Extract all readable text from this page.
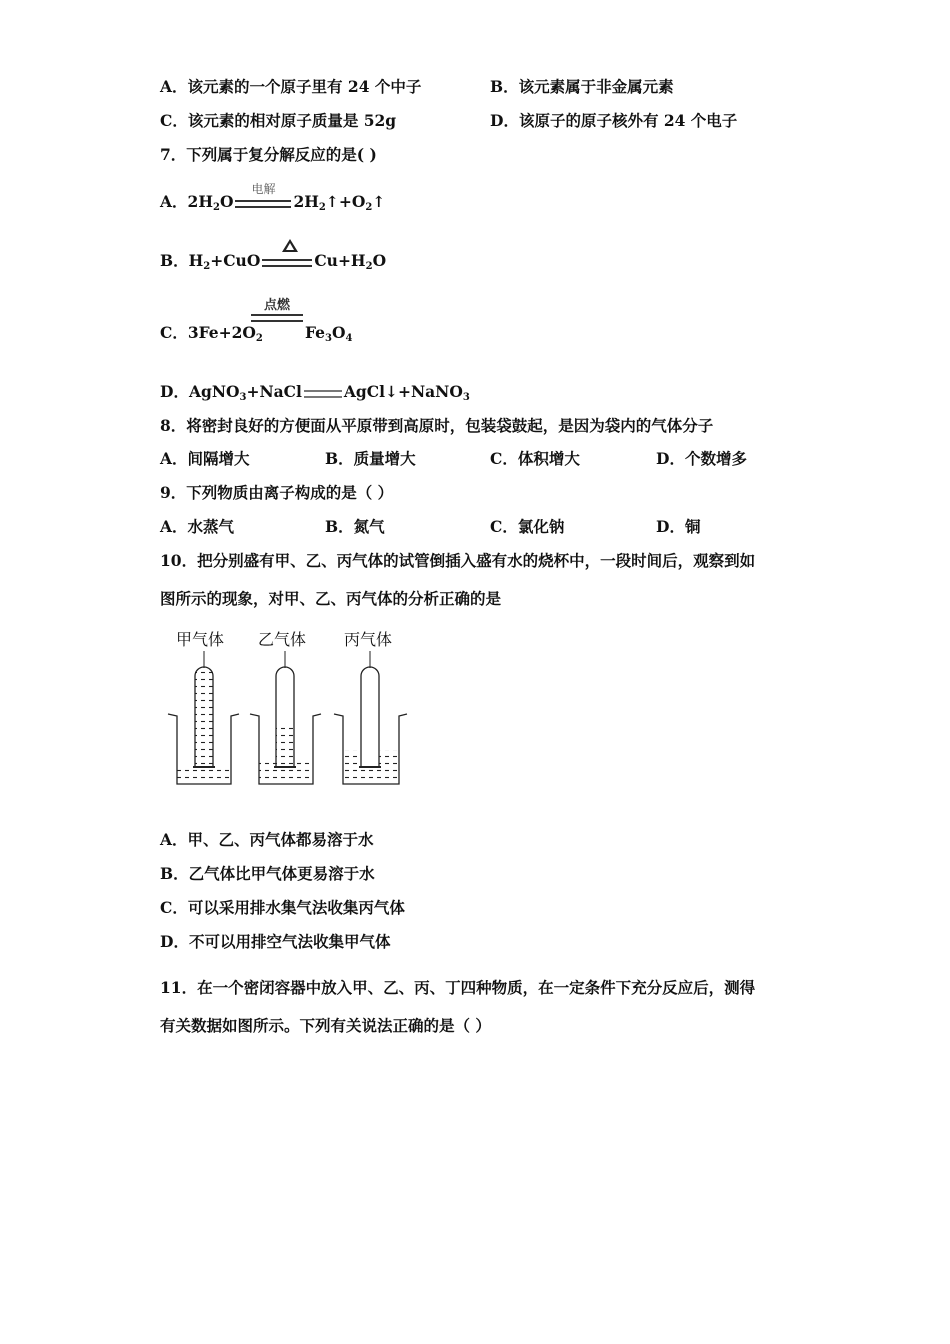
A．该元素的一个原子里有 24 个中子	B．该元素属于非金属元素
C．该元素的相对原子质量是 52g	D．该原子的原子核外有 24 个电子
7．下列属于复分解反应的是( )
A．$2H_2O$
电解
$2H_2↑+O_2↑$
B．$H_2+CuO$	$Cu+H_2O$
C．$3Fe+2O_2$	$Fe_3O_4$
点燃
D．AgNO$_3$+NaCl	AgCl↓+NaNO$_3$
8．将密封良好的方便面从平原带到高原时，包装袋鼓起，是因为袋内的气体分子
A．间隔增大	B．质量增大	C．体积增大	D．个数增多
9．下列物质由离子构成的是（ ）
A．水蒸气	B．氮气	C．氯化钠	D．铜
10．把分别盛有甲、乙、丙气体的试管倒插入盛有水的烧杯中，一段时间后，观察到如
图所示的现象，对甲、乙、丙气体的分析正确的是
甲气体 乙气体 丙气体
A．甲、乙、丙气体都易溶于水
B．乙气体比甲气体更易溶于水
C．可以采用排水集气法收集丙气体
D．不可以用排空气法收集甲气体
11．在一个密闭容器中放入甲、乙、丙、丁四种物质，在一定条件下充分反应后，测得
有关数据如图所示。下列有关说法正确的是（ ）
